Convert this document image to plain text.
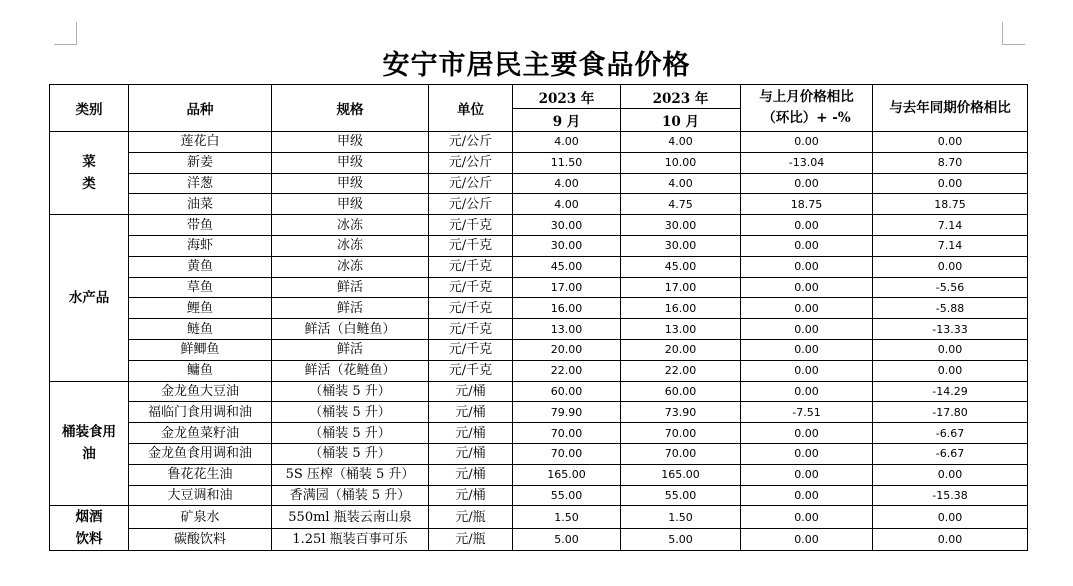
安宁市居民主要食品价格
类别	品种	规格	单位	2023 年	2023 年	与上月价格相比（环比）+ -%	与去年同期价格相比
				9 月	10 月		

菜类	莲花白	甲级	元/公斤	4.00	4.00	0.00	0.00
	新姜	甲级	元/公斤	11.50	10.00	-13.04	8.70
	洋葱	甲级	元/公斤	4.00	4.00	0.00	0.00
	油菜	甲级	元/公斤	4.00	4.75	18.75	18.75

水产品	带鱼	冰冻	元/千克	30.00	30.00	0.00	7.14
	海虾	冰冻	元/千克	30.00	30.00	0.00	7.14
	黄鱼	冰冻	元/千克	45.00	45.00	0.00	0.00
	草鱼	鲜活	元/千克	17.00	17.00	0.00	-5.56
	鲤鱼	鲜活	元/千克	16.00	16.00	0.00	-5.88
	鲢鱼	鲜活（白鲢鱼）	元/千克	13.00	13.00	0.00	-13.33
	鲜鲫鱼	鲜活	元/千克	20.00	20.00	0.00	0.00
	鳙鱼	鲜活（花鲢鱼）	元/千克	22.00	22.00	0.00	0.00

桶装食用油	金龙鱼大豆油	（桶装 5 升）	元/桶	60.00	60.00	0.00	-14.29
	福临门食用调和油	（桶装 5 升）	元/桶	79.90	73.90	-7.51	-17.80
	金龙鱼菜籽油	（桶装 5 升）	元/桶	70.00	70.00	0.00	-6.67
	金龙鱼食用调和油	（桶装 5 升）	元/桶	70.00	70.00	0.00	-6.67
	鲁花花生油	5S 压榨（桶装 5 升）	元/桶	165.00	165.00	0.00	0.00
	大豆调和油	香满园（桶装 5 升）	元/桶	55.00	55.00	0.00	-15.38

烟酒饮料	矿泉水	550ml 瓶装云南山泉	元/瓶	1.50	1.50	0.00	0.00
	碳酸饮料	1.25l 瓶装百事可乐	元/瓶	5.00	5.00	0.00	0.00
